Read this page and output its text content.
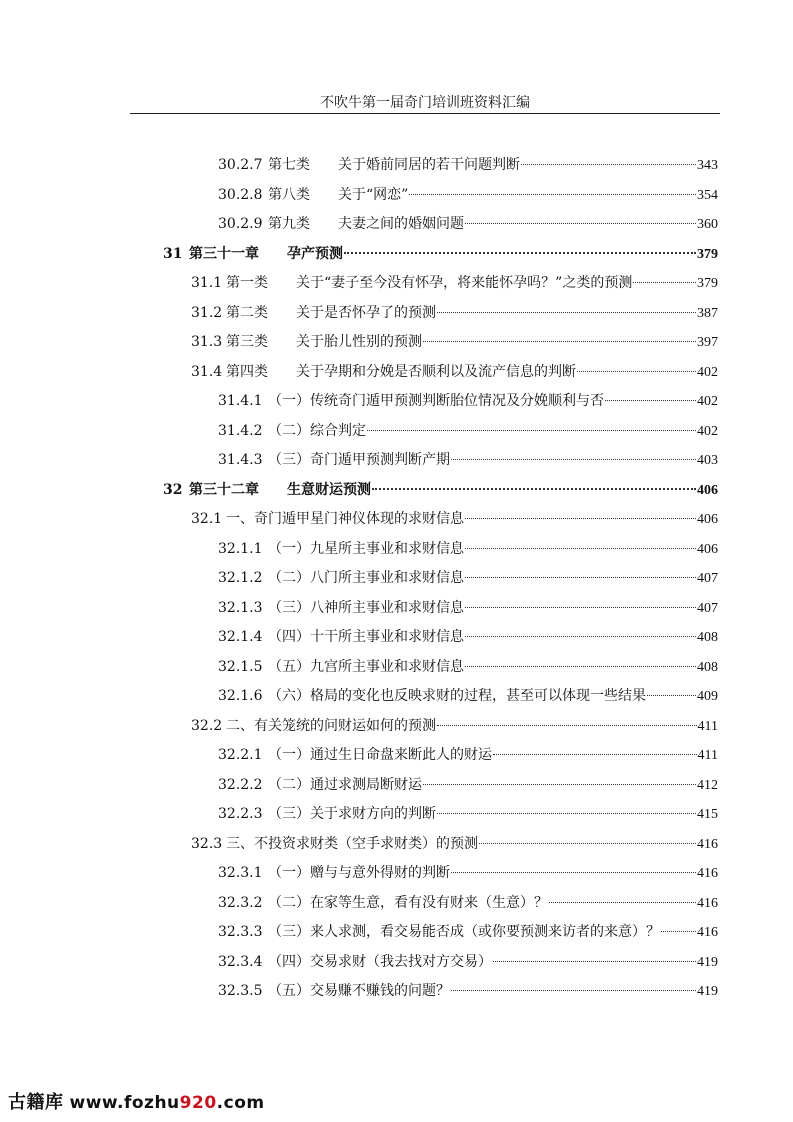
不吹牛第一届奇门培训班资料汇编
30.2.7 第七类 关于婚前同居的若干问题判断	343
30.2.8 第八类 关于“网恋”	354
30.2.9 第九类 夫妻之间的婚姻问题	360
31 第三十一章 孕产预测	379
31.1 第一类 关于“妻子至今没有怀孕，将来能怀孕吗？”之类的预测	379
31.2 第二类 关于是否怀孕了的预测	387
31.3 第三类 关于胎儿性别的预测	397
31.4 第四类 关于孕期和分娩是否顺利以及流产信息的判断	402
31.4.1 （一）传统奇门遁甲预测判断胎位情况及分娩顺利与否	402
31.4.2 （二）综合判定	402
31.4.3 （三）奇门遁甲预测判断产期	403
32 第三十二章 生意财运预测	406
32.1 一、奇门遁甲星门神仪体现的求财信息	406
32.1.1 （一）九星所主事业和求财信息	406
32.1.2 （二）八门所主事业和求财信息	407
32.1.3 （三）八神所主事业和求财信息	407
32.1.4 （四）十干所主事业和求财信息	408
32.1.5 （五）九宫所主事业和求财信息	408
32.1.6 （六）格局的变化也反映求财的过程，甚至可以体现一些结果	409
32.2 二、有关笼统的问财运如何的预测	411
32.2.1 （一）通过生日命盘来断此人的财运	411
32.2.2 （二）通过求测局断财运	412
32.2.3 （三）关于求财方向的判断	415
32.3 三、不投资求财类（空手求财类）的预测	416
32.3.1 （一）赠与与意外得财的判断	416
32.3.2 （二）在家等生意，看有没有财来（生意）？	416
32.3.3 （三）来人求测，看交易能否成（或你要预测来访者的来意）？	416
32.3.4 （四）交易求财（我去找对方交易）	419
32.3.5 （五）交易赚不赚钱的问题？	419
古籍库 www.fozhu920.com
